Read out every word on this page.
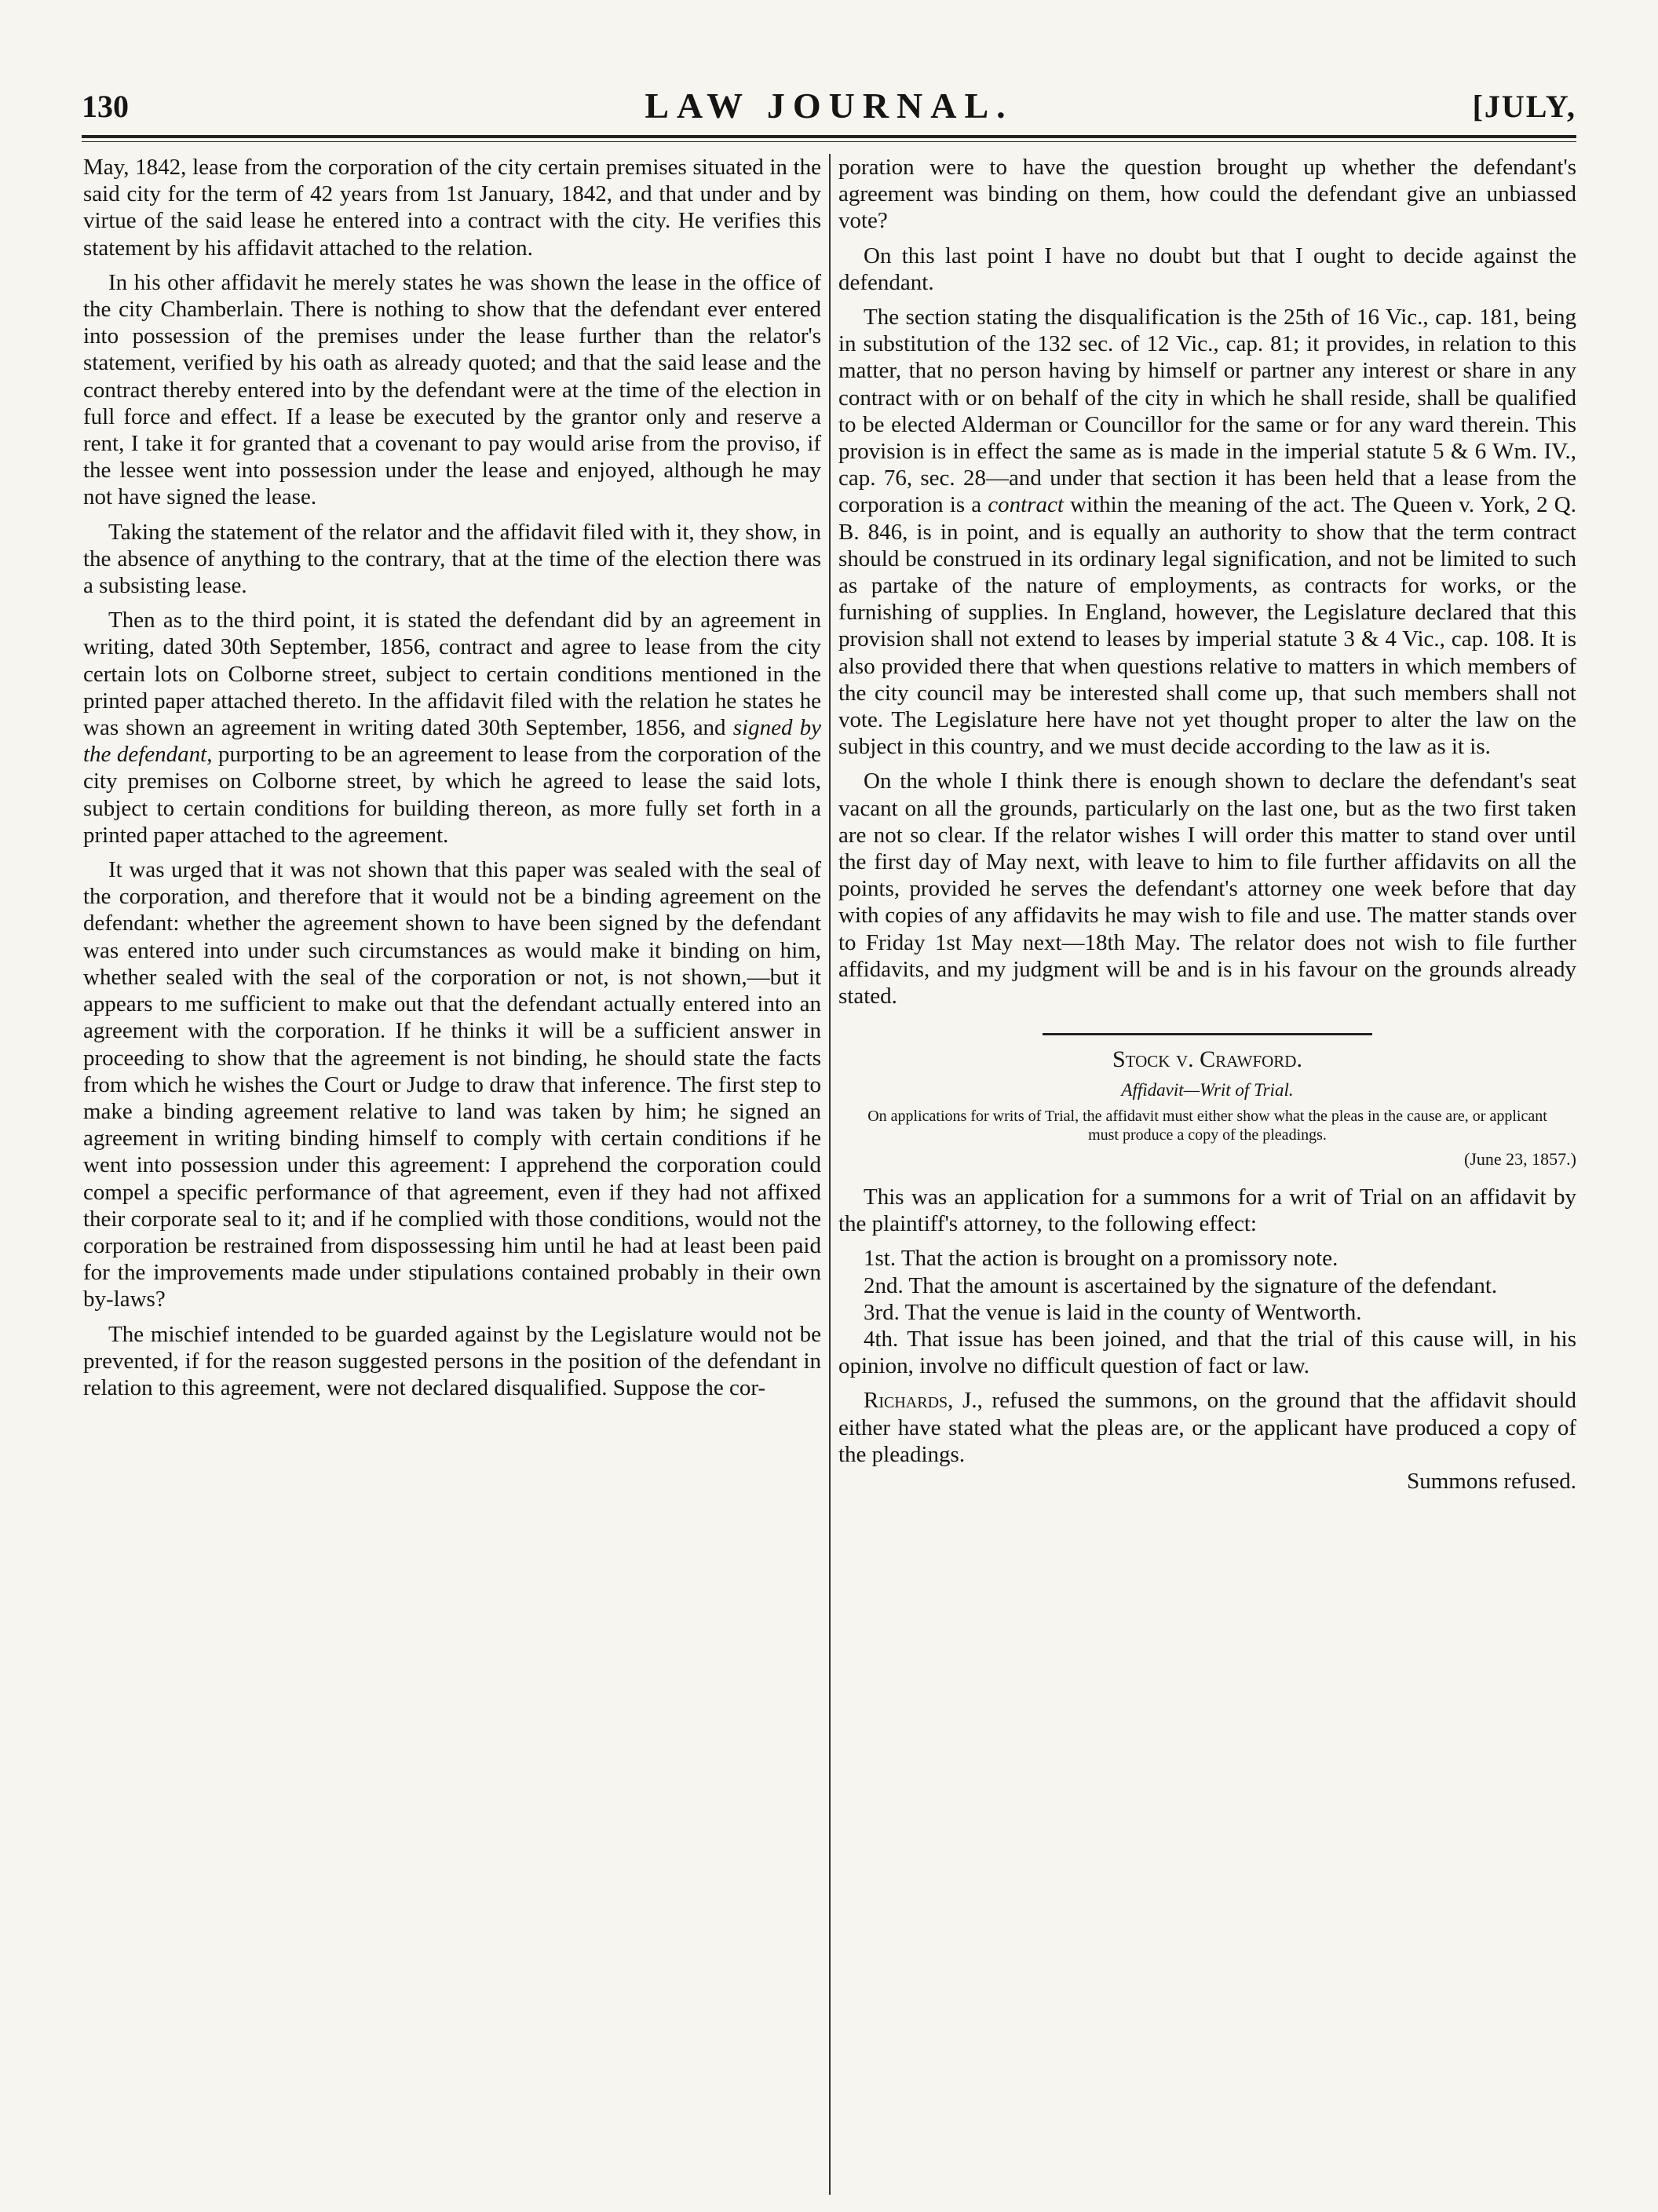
130	LAW JOURNAL.	[JULY,

May, 1842, lease from the corporation of the city certain premises situated in the said city for the term of 42 years from 1st January, 1842, and that under and by virtue of the said lease he entered into a contract with the city. He verifies this statement by his affidavit attached to the relation.

In his other affidavit he merely states he was shown the lease in the office of the city Chamberlain. There is nothing to show that the defendant ever entered into possession of the premises under the lease further than the relator's statement, verified by his oath as already quoted; and that the said lease and the contract thereby entered into by the defendant were at the time of the election in full force and effect. If a lease be executed by the grantor only and reserve a rent, I take it for granted that a covenant to pay would arise from the proviso, if the lessee went into possession under the lease and enjoyed, although he may not have signed the lease.

Taking the statement of the relator and the affidavit filed with it, they show, in the absence of anything to the contrary, that at the time of the election there was a subsisting lease.

Then as to the third point, it is stated the defendant did by an agreement in writing, dated 30th September, 1856, contract and agree to lease from the city certain lots on Colborne street, subject to certain conditions mentioned in the printed paper attached thereto. In the affidavit filed with the relation he states he was shown an agreement in writing dated 30th September, 1856, and signed by the defendant, purporting to be an agreement to lease from the corporation of the city premises on Colborne street, by which he agreed to lease the said lots, subject to certain conditions for building thereon, as more fully set forth in a printed paper attached to the agreement.

It was urged that it was not shown that this paper was sealed with the seal of the corporation, and therefore that it would not be a binding agreement on the defendant: whether the agreement shown to have been signed by the defendant was entered into under such circumstances as would make it binding on him, whether sealed with the seal of the corporation or not, is not shown,—but it appears to me sufficient to make out that the defendant actually entered into an agreement with the corporation. If he thinks it will be a sufficient answer in proceeding to show that the agreement is not binding, he should state the facts from which he wishes the Court or Judge to draw that inference. The first step to make a binding agreement relative to land was taken by him; he signed an agreement in writing binding himself to comply with certain conditions if he went into possession under this agreement: I apprehend the corporation could compel a specific performance of that agreement, even if they had not affixed their corporate seal to it; and if he complied with those conditions, would not the corporation be restrained from dispossessing him until he had at least been paid for the improvements made under stipulations contained probably in their own by-laws?

The mischief intended to be guarded against by the Legislature would not be prevented, if for the reason suggested persons in the position of the defendant in relation to this agreement, were not declared disqualified. Suppose the cor-

poration were to have the question brought up whether the defendant's agreement was binding on them, how could the defendant give an unbiassed vote?

On this last point I have no doubt but that I ought to decide against the defendant.

The section stating the disqualification is the 25th of 16 Vic., cap. 181, being in substitution of the 132 sec. of 12 Vic., cap. 81; it provides, in relation to this matter, that no person having by himself or partner any interest or share in any contract with or on behalf of the city in which he shall reside, shall be qualified to be elected Alderman or Councillor for the same or for any ward therein. This provision is in effect the same as is made in the imperial statute 5 & 6 Wm. IV., cap. 76, sec. 28—and under that section it has been held that a lease from the corporation is a contract within the meaning of the act. The Queen v. York, 2 Q. B. 846, is in point, and is equally an authority to show that the term contract should be construed in its ordinary legal signification, and not be limited to such as partake of the nature of employments, as contracts for works, or the furnishing of supplies. In England, however, the Legislature declared that this provision shall not extend to leases by imperial statute 3 & 4 Vic., cap. 108. It is also provided there that when questions relative to matters in which members of the city council may be interested shall come up, that such members shall not vote. The Legislature here have not yet thought proper to alter the law on the subject in this country, and we must decide according to the law as it is.

On the whole I think there is enough shown to declare the defendant's seat vacant on all the grounds, particularly on the last one, but as the two first taken are not so clear. If the relator wishes I will order this matter to stand over until the first day of May next, with leave to him to file further affidavits on all the points, provided he serves the defendant's attorney one week before that day with copies of any affidavits he may wish to file and use. The matter stands over to Friday 1st May next—18th May. The relator does not wish to file further affidavits, and my judgment will be and is in his favour on the grounds already stated.

Stock v. Crawford.
Affidavit—Writ of Trial.
On applications for writs of Trial, the affidavit must either show what the pleas in the cause are, or applicant must produce a copy of the pleadings.
(June 23, 1857.)

This was an application for a summons for a writ of Trial on an affidavit by the plaintiff's attorney, to the following effect:

1st. That the action is brought on a promissory note.

2nd. That the amount is ascertained by the signature of the defendant.

3rd. That the venue is laid in the county of Wentworth.

4th. That issue has been joined, and that the trial of this cause will, in his opinion, involve no difficult question of fact or law.

Richards, J., refused the summons, on the ground that the affidavit should either have stated what the pleas are, or the applicant have produced a copy of the pleadings.

Summons refused.
